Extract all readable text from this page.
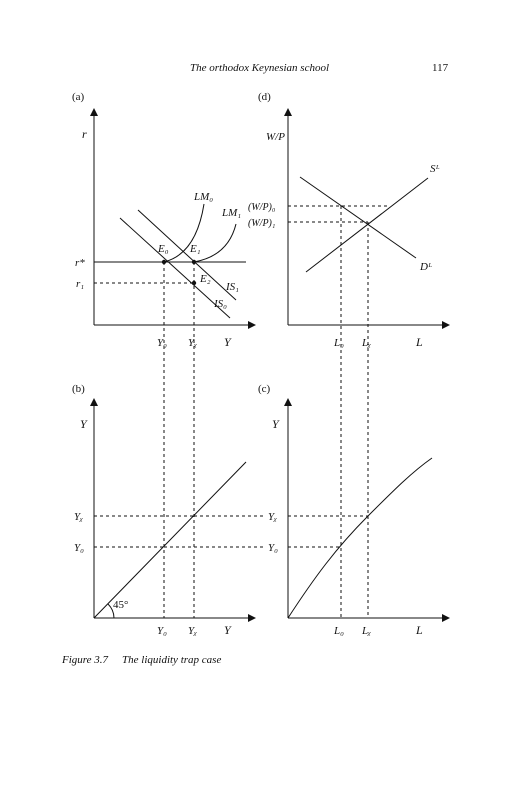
The orthodox Keynesian school	117
(a)
r
Y
r*
r₁
LM₀
LM₁
IS₁
IS₀
E₀ E₁
E₂
Y₀ Yᵪ
(d)
W/P
L
Sᴸ
Dᴸ
(W/P)₀
(W/P)₁
L₀ Lᵪ
(b)
Y
Y
45°
Yᵪ
Y₀
Y₀ Yᵪ
(c)
Y
L
Yᵪ
Y₀
L₀ Lᵪ
Figure 3.7 The liquidity trap case
